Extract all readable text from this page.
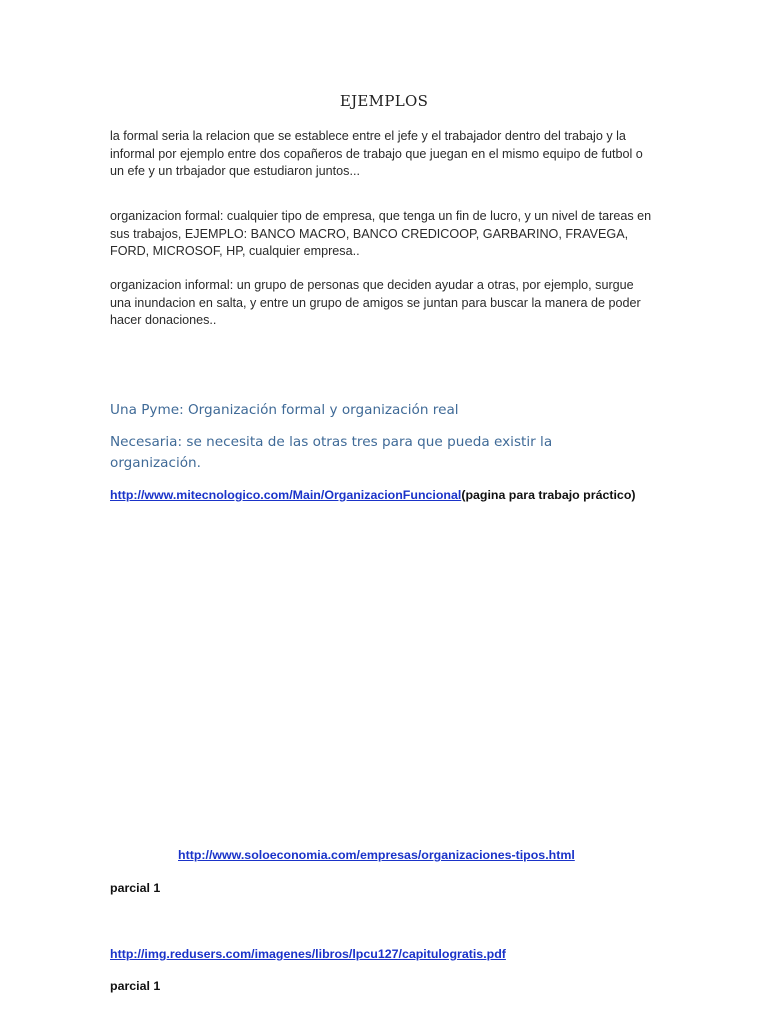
EJEMPLOS

la formal seria la relacion que se establece entre el jefe y el trabajador dentro del trabajo y la informal por ejemplo entre dos copañeros de trabajo que juegan en el mismo equipo de futbol o un efe y un trbajador que estudiaron juntos...

organizacion formal: cualquier tipo de empresa, que tenga un fin de lucro, y un nivel de tareas en sus trabajos, EJEMPLO: BANCO MACRO, BANCO CREDICOOP, GARBARINO, FRAVEGA, FORD, MICROSOF, HP, cualquier empresa..

organizacion informal: un grupo de personas que deciden ayudar a otras, por ejemplo, surgue una inundacion en salta, y entre un grupo de amigos se juntan para buscar la manera de poder hacer donaciones..

Una Pyme: Organización formal y organización real

Necesaria: se necesita de las otras tres para que pueda existir la organización.

http://www.mitecnologico.com/Main/OrganizacionFuncional(pagina para trabajo práctico)
http://www.soloeconomia.com/empresas/organizaciones-tipos.html
parcial 1
http://img.redusers.com/imagenes/libros/lpcu127/capitulogratis.pdf
parcial 1
